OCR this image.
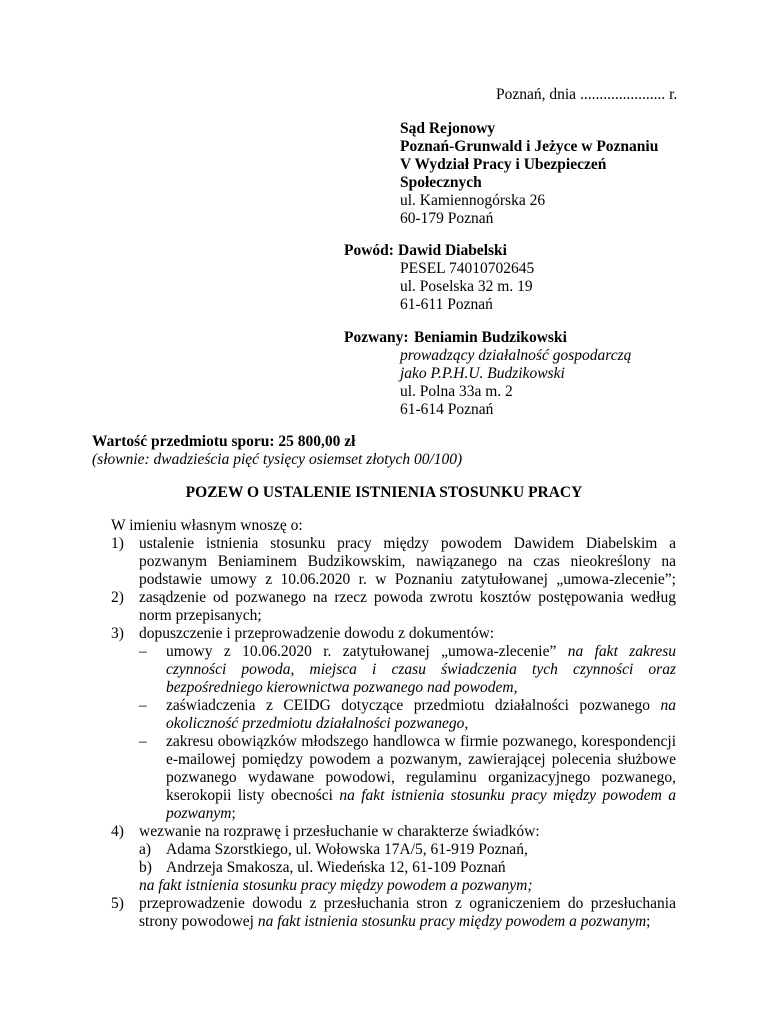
Poznań, dnia ...................... r.
Sąd Rejonowy
Poznań-Grunwald i Jeżyce w Poznaniu
V Wydział Pracy i Ubezpieczeń
Społecznych
ul. Kamiennogórska 26
60-179 Poznań
Powód: Dawid Diabelski
PESEL 74010702645
ul. Poselska 32 m. 19
61-611 Poznań
Pozwany: Beniamin Budzikowski
prowadzący działalność gospodarczą
jako P.P.H.U. Budzikowski
ul. Polna 33a m. 2
61-614 Poznań
Wartość przedmiotu sporu: 25 800,00 zł
(słownie: dwadzieścia pięć tysięcy osiemset złotych 00/100)
POZEW O USTALENIE ISTNIENIA STOSUNKU PRACY
W imieniu własnym wnoszę o:
1) ustalenie istnienia stosunku pracy między powodem Dawidem Diabelskim a
pozwanym Beniaminem Budzikowskim, nawiązanego na czas nieokreślony na
podstawie umowy z 10.06.2020 r. w Poznaniu zatytułowanej „umowa-zlecenie”;
2) zasądzenie od pozwanego na rzecz powoda zwrotu kosztów postępowania według
norm przepisanych;
3) dopuszczenie i przeprowadzenie dowodu z dokumentów:
– umowy z 10.06.2020 r. zatytułowanej „umowa-zlecenie” na fakt zakresu
czynności powoda, miejsca i czasu świadczenia tych czynności oraz
bezpośredniego kierownictwa pozwanego nad powodem,
– zaświadczenia z CEIDG dotyczące przedmiotu działalności pozwanego na
okoliczność przedmiotu działalności pozwanego,
– zakresu obowiązków młodszego handlowca w firmie pozwanego, korespondencji
e-mailowej pomiędzy powodem a pozwanym, zawierającej polecenia służbowe
pozwanego wydawane powodowi, regulaminu organizacyjnego pozwanego,
kserokopii listy obecności na fakt istnienia stosunku pracy między powodem a
pozwanym;
4) wezwanie na rozprawę i przesłuchanie w charakterze świadków:
a) Adama Szorstkiego, ul. Wołowska 17A/5, 61-919 Poznań,
b) Andrzeja Smakosza, ul. Wiedeńska 12, 61-109 Poznań
na fakt istnienia stosunku pracy między powodem a pozwanym;
5) przeprowadzenie dowodu z przesłuchania stron z ograniczeniem do przesłuchania
strony powodowej na fakt istnienia stosunku pracy między powodem a pozwanym;
